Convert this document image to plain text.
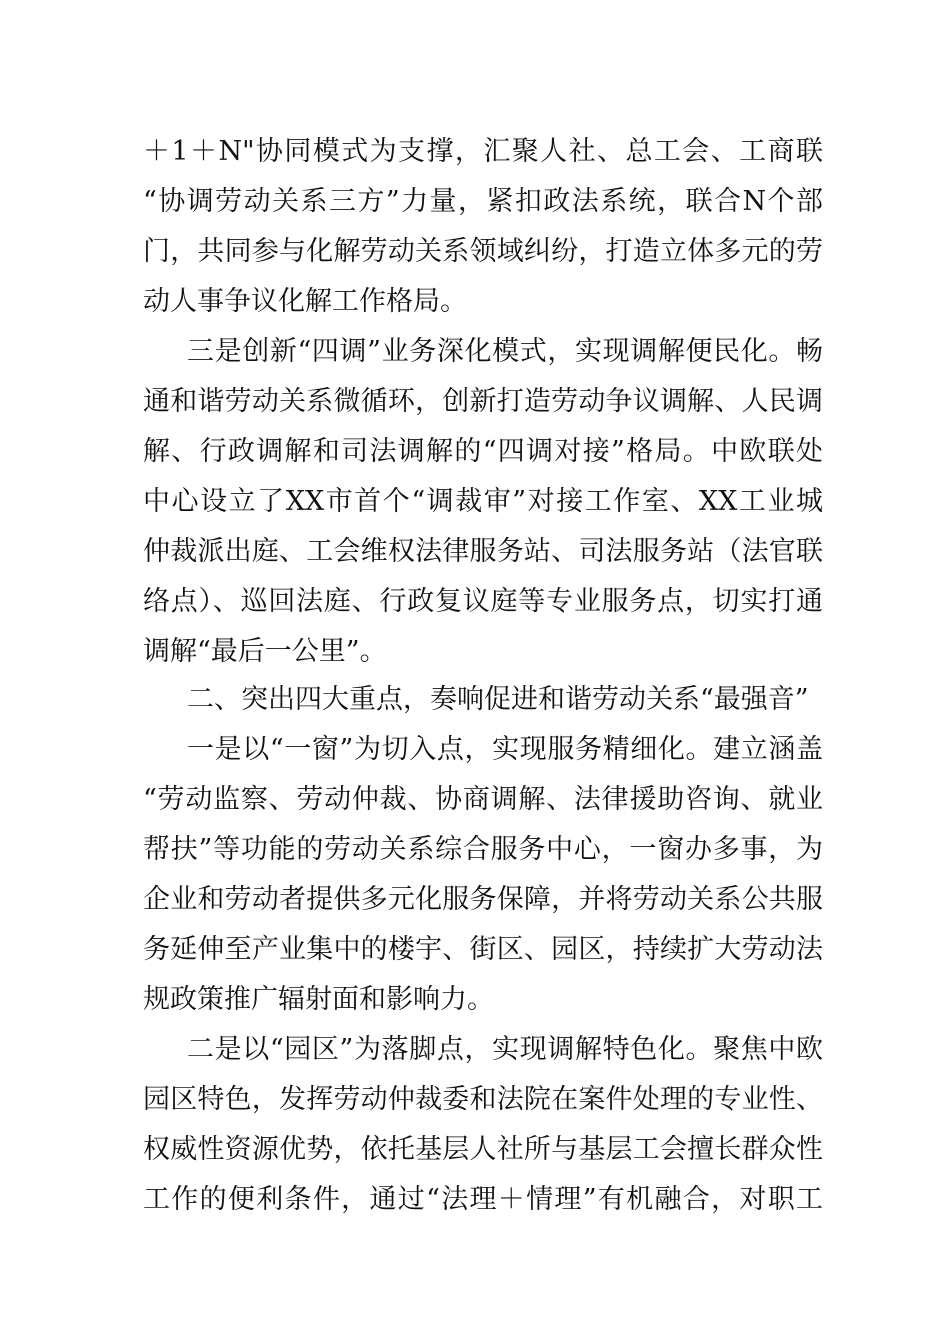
＋1＋N"协同模式为支撑，汇聚人社、总工会、工商联
“协调劳动关系三方”力量，紧扣政法系统，联合N个部
门，共同参与化解劳动关系领域纠纷，打造立体多元的劳
动人事争议化解工作格局。
三是创新“四调”业务深化模式，实现调解便民化。畅
通和谐劳动关系微循环，创新打造劳动争议调解、人民调
解、行政调解和司法调解的“四调对接”格局。中欧联处
中心设立了XX市首个“调裁审”对接工作室、XX工业城
仲裁派出庭、工会维权法律服务站、司法服务站（法官联
络点）、巡回法庭、行政复议庭等专业服务点，切实打通
调解“最后一公里”。
二、突出四大重点，奏响促进和谐劳动关系“最强音”
一是以“一窗”为切入点，实现服务精细化。建立涵盖
“劳动监察、劳动仲裁、协商调解、法律援助咨询、就业
帮扶”等功能的劳动关系综合服务中心，一窗办多事，为
企业和劳动者提供多元化服务保障，并将劳动关系公共服
务延伸至产业集中的楼宇、街区、园区，持续扩大劳动法
规政策推广辐射面和影响力。
二是以“园区”为落脚点，实现调解特色化。聚焦中欧
园区特色，发挥劳动仲裁委和法院在案件处理的专业性、
权威性资源优势，依托基层人社所与基层工会擅长群众性
工作的便利条件，通过“法理＋情理”有机融合，对职工
